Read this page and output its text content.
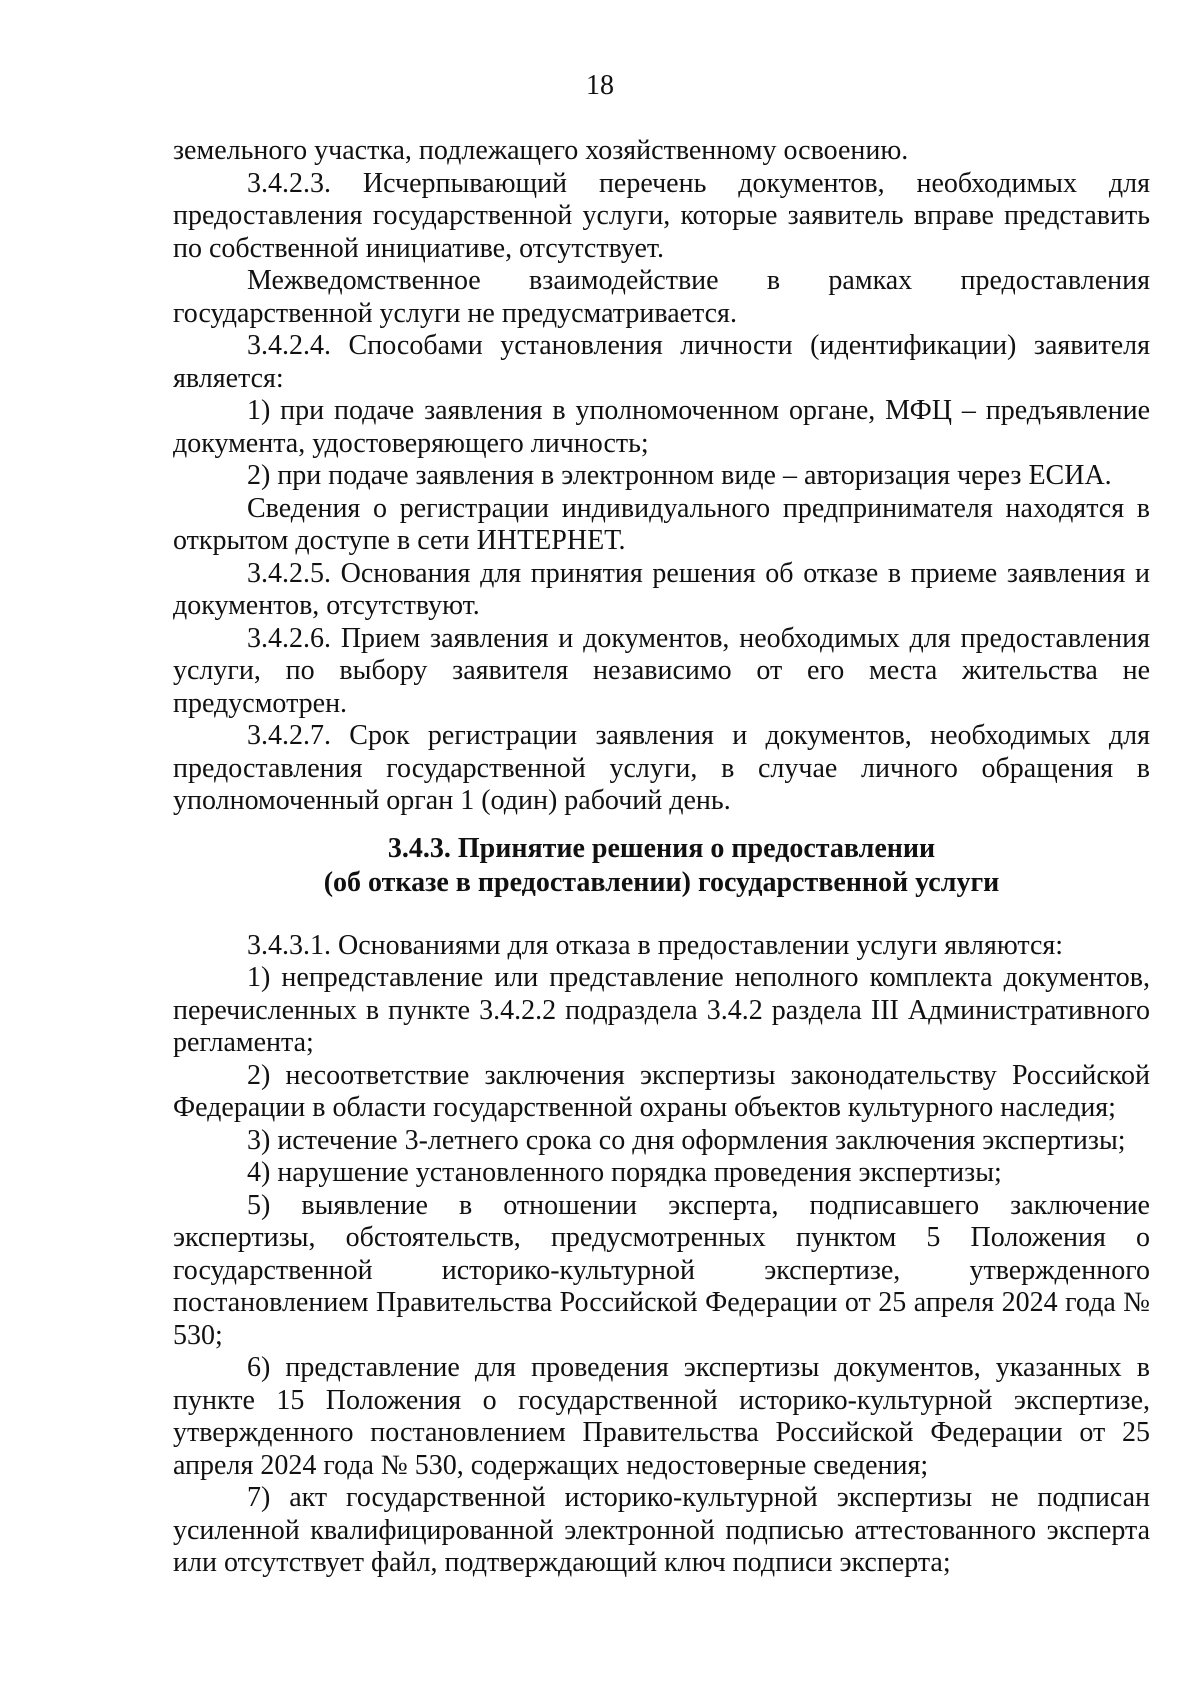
18

земельного участка, подлежащего хозяйственному освоению.

3.4.2.3. Исчерпывающий перечень документов, необходимых для предоставления государственной услуги, которые заявитель вправе представить по собственной инициативе, отсутствует.

Межведомственное взаимодействие в рамках предоставления государственной услуги не предусматривается.

3.4.2.4. Способами установления личности (идентификации) заявителя является:

1) при подаче заявления в уполномоченном органе, МФЦ – предъявление документа, удостоверяющего личность;

2) при подаче заявления в электронном виде – авторизация через ЕСИА.

Сведения о регистрации индивидуального предпринимателя находятся в открытом доступе в сети ИНТЕРНЕТ.

3.4.2.5. Основания для принятия решения об отказе в приеме заявления и документов, отсутствуют.

3.4.2.6. Прием заявления и документов, необходимых для предоставления услуги, по выбору заявителя независимо от его места жительства не предусмотрен.

3.4.2.7. Срок регистрации заявления и документов, необходимых для предоставления государственной услуги, в случае личного обращения в уполномоченный орган 1 (один) рабочий день.

3.4.3. Принятие решения о предоставлении
(об отказе в предоставлении) государственной услуги

3.4.3.1. Основаниями для отказа в предоставлении услуги являются:

1) непредставление или представление неполного комплекта документов, перечисленных в пункте 3.4.2.2 подраздела 3.4.2 раздела III Административного регламента;

2) несоответствие заключения экспертизы законодательству Российской Федерации в области государственной охраны объектов культурного наследия;

3) истечение 3-летнего срока со дня оформления заключения экспертизы;

4) нарушение установленного порядка проведения экспертизы;

5) выявление в отношении эксперта, подписавшего заключение экспертизы, обстоятельств, предусмотренных пунктом 5 Положения о государственной историко-культурной экспертизе, утвержденного постановлением Правительства Российской Федерации от 25 апреля 2024 года № 530;

6) представление для проведения экспертизы документов, указанных в пункте 15 Положения о государственной историко-культурной экспертизе, утвержденного постановлением Правительства Российской Федерации от 25 апреля 2024 года № 530, содержащих недостоверные сведения;

7) акт государственной историко-культурной экспертизы не подписан усиленной квалифицированной электронной подписью аттестованного эксперта или отсутствует файл, подтверждающий ключ подписи эксперта;
